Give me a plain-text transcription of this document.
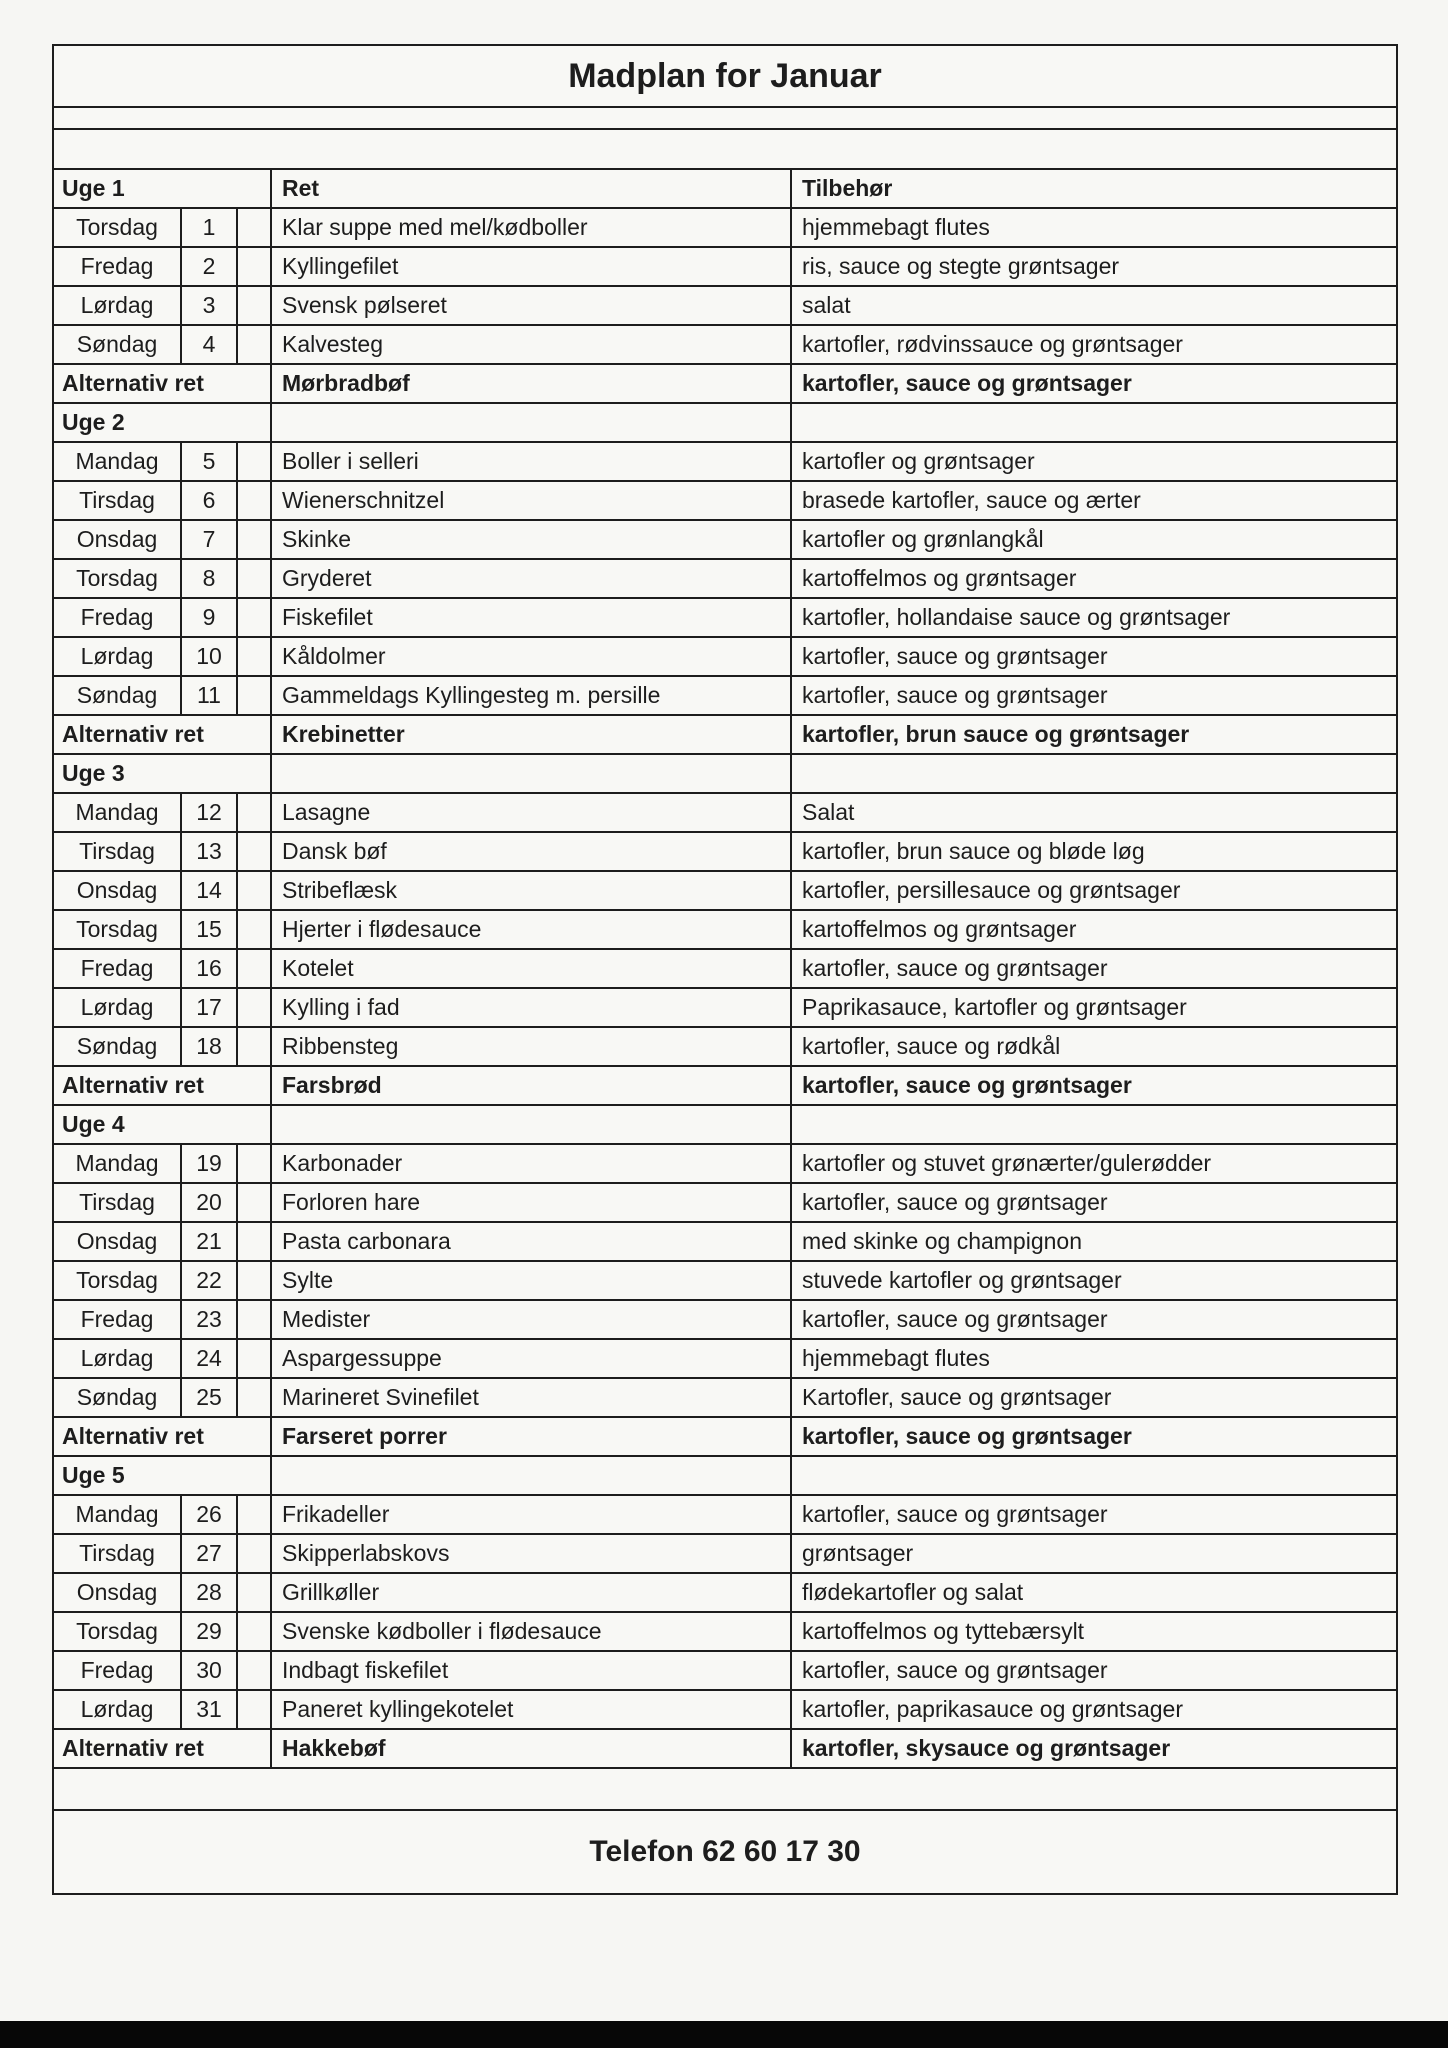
Madplan for Januar
Uge 1	Ret	Tilbehør
Torsdag	1	Klar suppe med mel/kødboller	hjemmebagt flutes
Fredag	2	Kyllingefilet	ris, sauce og stegte grøntsager
Lørdag	3	Svensk pølseret	salat
Søndag	4	Kalvesteg	kartofler, rødvinssauce og grøntsager
Alternativ ret	Mørbradbøf	kartofler, sauce og grøntsager
Uge 2
Mandag	5	Boller i selleri	kartofler og grøntsager
Tirsdag	6	Wienerschnitzel	brasede kartofler, sauce og ærter
Onsdag	7	Skinke	kartofler og grønlangkål
Torsdag	8	Gryderet	kartoffelmos og grøntsager
Fredag	9	Fiskefilet	kartofler, hollandaise sauce og grøntsager
Lørdag	10	Kåldolmer	kartofler, sauce og grøntsager
Søndag	11	Gammeldags Kyllingesteg m. persille	kartofler, sauce og grøntsager
Alternativ ret	Krebinetter	kartofler, brun sauce og grøntsager
Uge 3
Mandag	12	Lasagne	Salat
Tirsdag	13	Dansk bøf	kartofler, brun sauce og bløde løg
Onsdag	14	Stribeflæsk	kartofler, persillesauce og grøntsager
Torsdag	15	Hjerter i flødesauce	kartoffelmos og grøntsager
Fredag	16	Kotelet	kartofler, sauce og grøntsager
Lørdag	17	Kylling i fad	Paprikasauce, kartofler og grøntsager
Søndag	18	Ribbensteg	kartofler, sauce og rødkål
Alternativ ret	Farsbrød	kartofler, sauce og grøntsager
Uge 4
Mandag	19	Karbonader	kartofler og stuvet grønærter/gulerødder
Tirsdag	20	Forloren hare	kartofler, sauce og grøntsager
Onsdag	21	Pasta carbonara	med skinke og champignon
Torsdag	22	Sylte	stuvede kartofler og grøntsager
Fredag	23	Medister	kartofler, sauce og grøntsager
Lørdag	24	Aspargessuppe	hjemmebagt flutes
Søndag	25	Marineret Svinefilet	Kartofler, sauce og grøntsager
Alternativ ret	Farseret porrer	kartofler, sauce og grøntsager
Uge 5
Mandag	26	Frikadeller	kartofler, sauce og grøntsager
Tirsdag	27	Skipperlabskovs	grøntsager
Onsdag	28	Grillkøller	flødekartofler og salat
Torsdag	29	Svenske kødboller i flødesauce	kartoffelmos og tyttebærsylt
Fredag	30	Indbagt fiskefilet	kartofler, sauce og grøntsager
Lørdag	31	Paneret kyllingekotelet	kartofler, paprikasauce og grøntsager
Alternativ ret	Hakkebøf	kartofler, skysauce og grøntsager
Telefon 62 60 17 30
